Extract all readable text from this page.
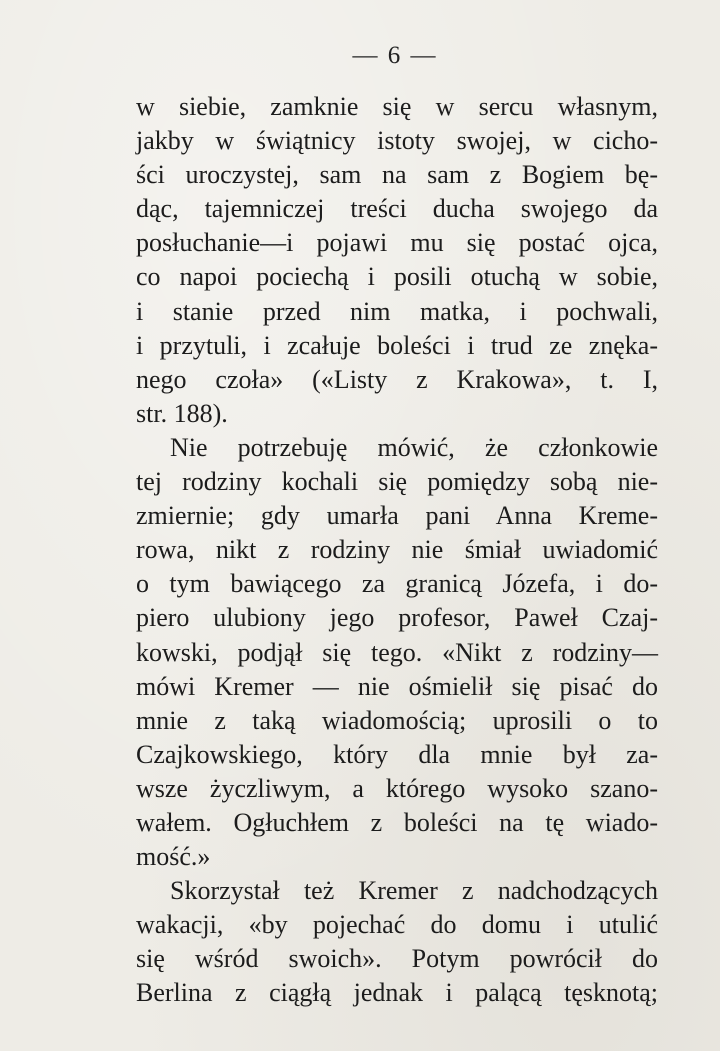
— 6 —
w siebie, zamknie się w sercu własnym,
jakby w świątnicy istoty swojej, w cicho-
ści uroczystej, sam na sam z Bogiem bę-
dąc, tajemniczej treści ducha swojego da
posłuchanie—i pojawi mu się postać ojca,
co napoi pociechą i posili otuchą w sobie,
i stanie przed nim matka, i pochwali,
i przytuli, i zcałuje boleści i trud ze znęka-
nego czoła» («Listy z Krakowa», t. I,
str. 188).
Nie potrzebuję mówić, że członkowie
tej rodziny kochali się pomiędzy sobą nie-
zmiernie; gdy umarła pani Anna Kreme-
rowa, nikt z rodziny nie śmiał uwiadomić
o tym bawiącego za granicą Józefa, i do-
piero ulubiony jego profesor, Paweł Czaj-
kowski, podjął się tego. «Nikt z rodziny—
mówi Kremer — nie ośmielił się pisać do
mnie z taką wiadomością; uprosili o to
Czajkowskiego, który dla mnie był za-
wsze życzliwym, a którego wysoko szano-
wałem. Ogłuchłem z boleści na tę wiado-
mość.»
Skorzystał też Kremer z nadchodzących
wakacji, «by pojechać do domu i utulić
się wśród swoich». Potym powrócił do
Berlina z ciągłą jednak i palącą tęsknotą;
